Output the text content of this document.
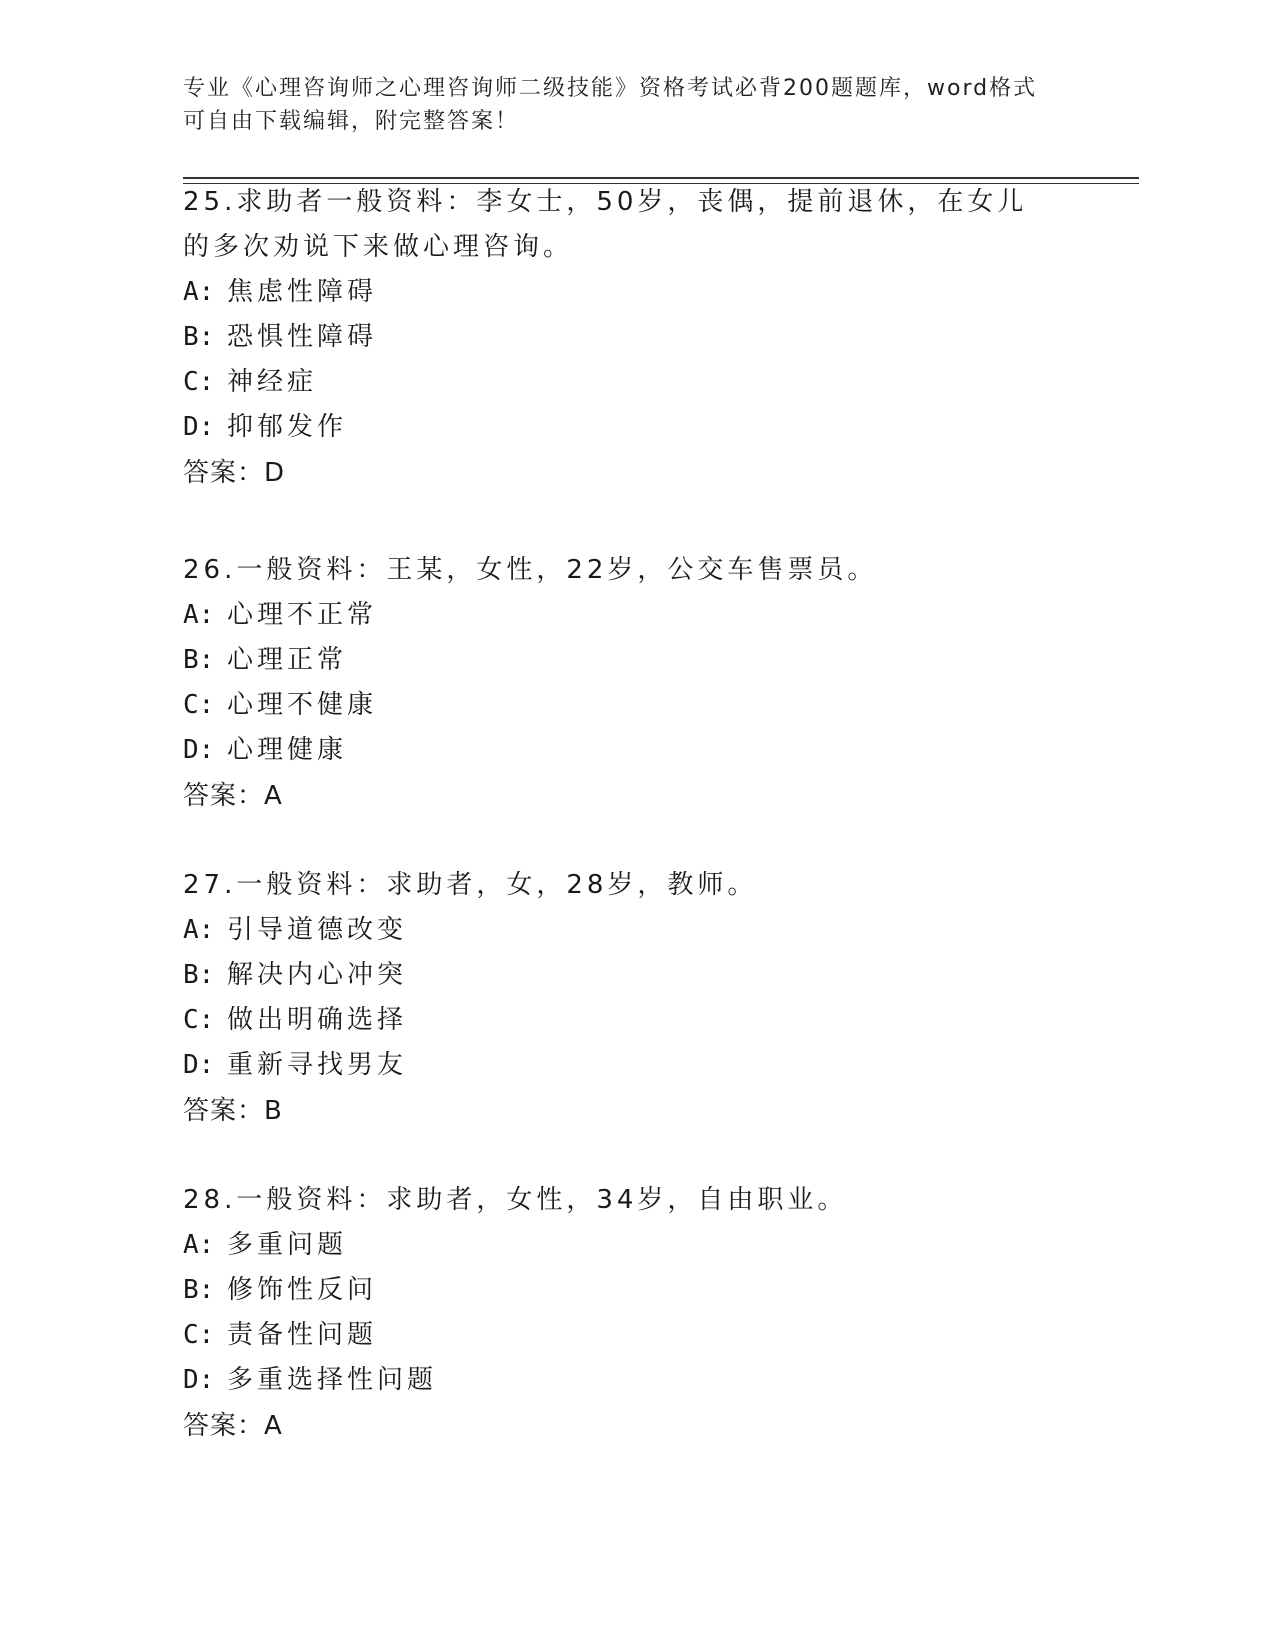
专业《心理咨询师之心理咨询师二级技能》资格考试必背200题题库，word格式

可自由下载编辑，附完整答案！

25.求助者一般资料：李女士，50岁，丧偶，提前退休，在女儿的多次劝说下来做心理咨询。

A: 焦虑性障碍

B: 恐惧性障碍

C: 神经症

D: 抑郁发作

答案：D

26.一般资料：王某，女性，22岁，公交车售票员。

A: 心理不正常

B: 心理正常

C: 心理不健康

D: 心理健康

答案：A

27.一般资料：求助者，女，28岁，教师。

A: 引导道德改变

B: 解决内心冲突

C: 做出明确选择

D: 重新寻找男友

答案：B

28.一般资料：求助者，女性，34岁，自由职业。

A: 多重问题

B: 修饰性反问

C: 责备性问题

D: 多重选择性问题

答案：A
